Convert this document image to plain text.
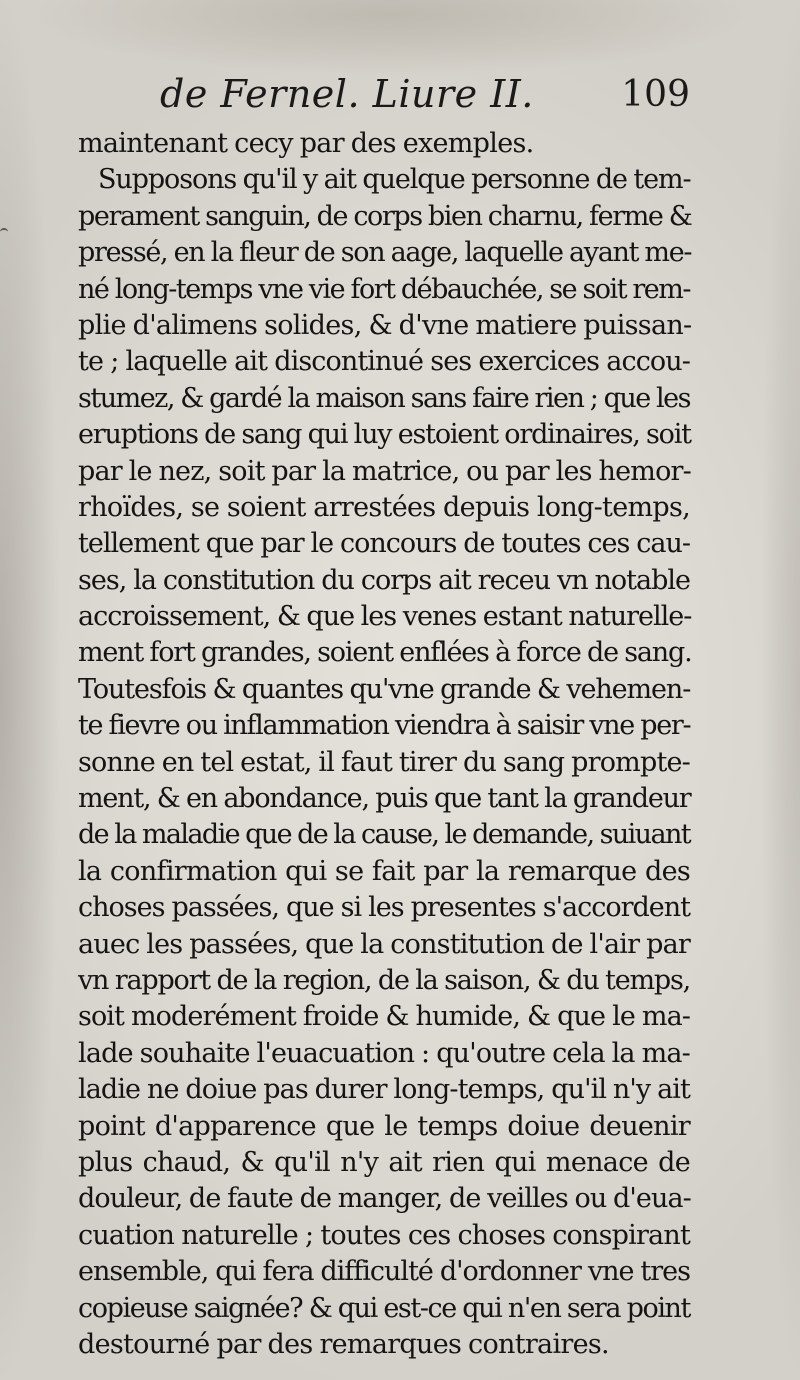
de Fernel. Liure II. 109
maintenant cecy par des exemples.
Supposons qu'il y ait quelque personne de tem-
perament sanguin, de corps bien charnu, ferme &
pressé, en la fleur de son aage, laquelle ayant me-
né long-temps vne vie fort débauchée, se soit rem-
plie d'alimens solides, & d'vne matiere puissan-
te ; laquelle ait discontinué ses exercices accou-
stumez, & gardé la maison sans faire rien ; que les
eruptions de sang qui luy estoient ordinaires, soit
par le nez, soit par la matrice, ou par les hemor-
rhoïdes, se soient arrestées depuis long-temps,
tellement que par le concours de toutes ces cau-
ses, la constitution du corps ait receu vn notable
accroissement, & que les venes estant naturelle-
ment fort grandes, soient enflées à force de sang.
Toutesfois & quantes qu'vne grande & vehemen-
te fievre ou inflammation viendra à saisir vne per-
sonne en tel estat, il faut tirer du sang prompte-
ment, & en abondance, puis que tant la grandeur
de la maladie que de la cause, le demande, suiuant
la confirmation qui se fait par la remarque des
choses passées, que si les presentes s'accordent
auec les passées, que la constitution de l'air par
vn rapport de la region, de la saison, & du temps,
soit moderément froide & humide, & que le ma-
lade souhaite l'euacuation : qu'outre cela la ma-
ladie ne doiue pas durer long-temps, qu'il n'y ait
point d'apparence que le temps doiue deuenir
plus chaud, & qu'il n'y ait rien qui menace de
douleur, de faute de manger, de veilles ou d'eua-
cuation naturelle ; toutes ces choses conspirant
ensemble, qui fera difficulté d'ordonner vne tres
copieuse saignée? & qui est-ce qui n'en sera point
destourné par des remarques contraires.
